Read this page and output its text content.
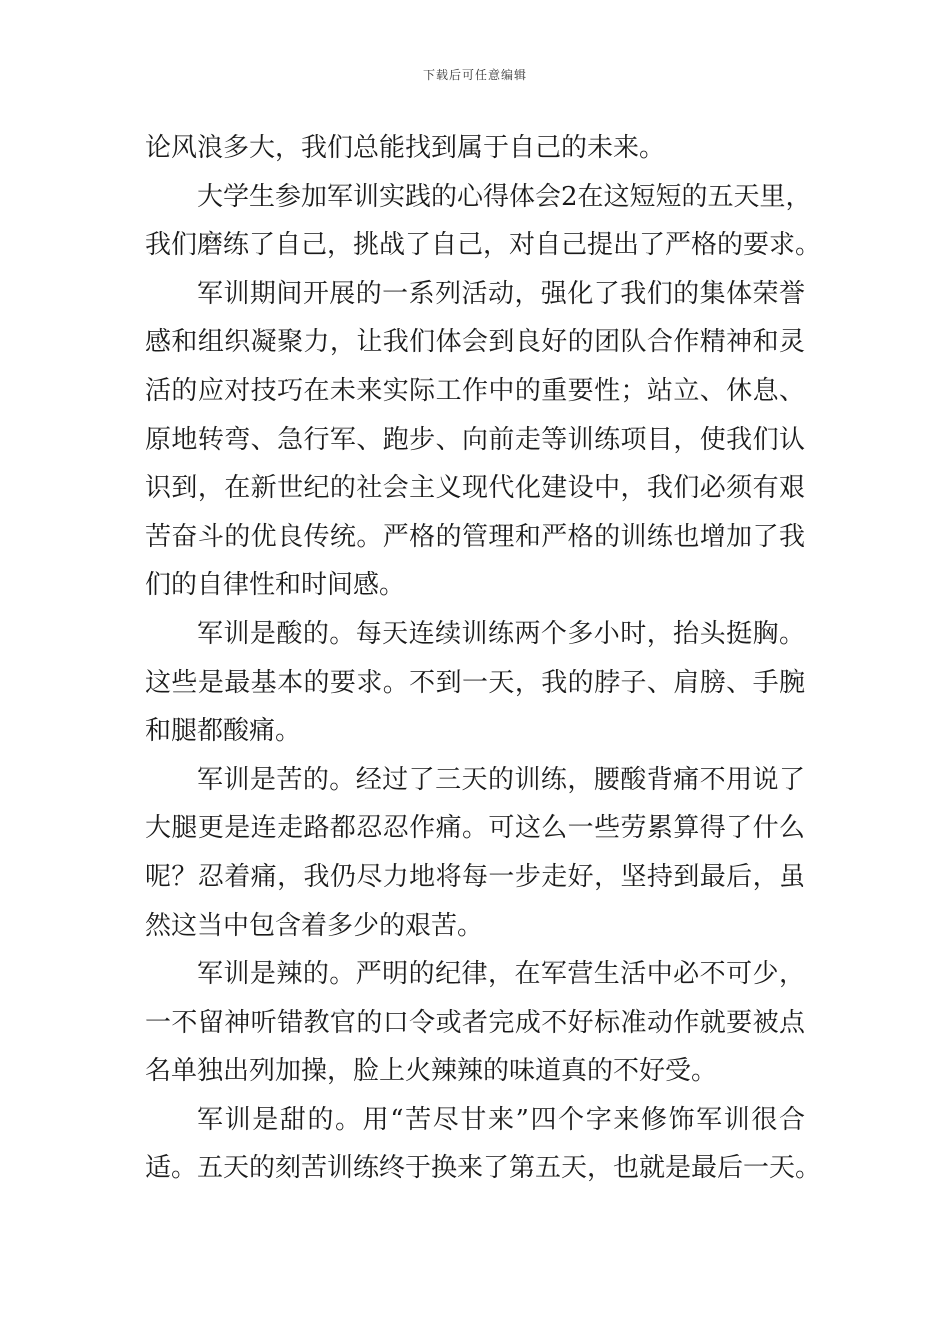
下载后可任意编辑
论风浪多大，我们总能找到属于自己的未来。
大学生参加军训实践的心得体会2在这短短的五天里，
我们磨练了自己，挑战了自己，对自己提出了严格的要求。
军训期间开展的一系列活动，强化了我们的集体荣誉
感和组织凝聚力，让我们体会到良好的团队合作精神和灵
活的应对技巧在未来实际工作中的重要性；站立、休息、
原地转弯、急行军、跑步、向前走等训练项目，使我们认
识到，在新世纪的社会主义现代化建设中，我们必须有艰
苦奋斗的优良传统。严格的管理和严格的训练也增加了我
们的自律性和时间感。
军训是酸的。每天连续训练两个多小时，抬头挺胸。
这些是最基本的要求。不到一天，我的脖子、肩膀、手腕
和腿都酸痛。
军训是苦的。经过了三天的训练，腰酸背痛不用说了
大腿更是连走路都忍忍作痛。可这么一些劳累算得了什么
呢？忍着痛，我仍尽力地将每一步走好，坚持到最后，虽
然这当中包含着多少的艰苦。
军训是辣的。严明的纪律，在军营生活中必不可少，
一不留神听错教官的口令或者完成不好标准动作就要被点
名单独出列加操，脸上火辣辣的味道真的不好受。
军训是甜的。用“苦尽甘来”四个字来修饰军训很合
适。五天的刻苦训练终于换来了第五天，也就是最后一天。
